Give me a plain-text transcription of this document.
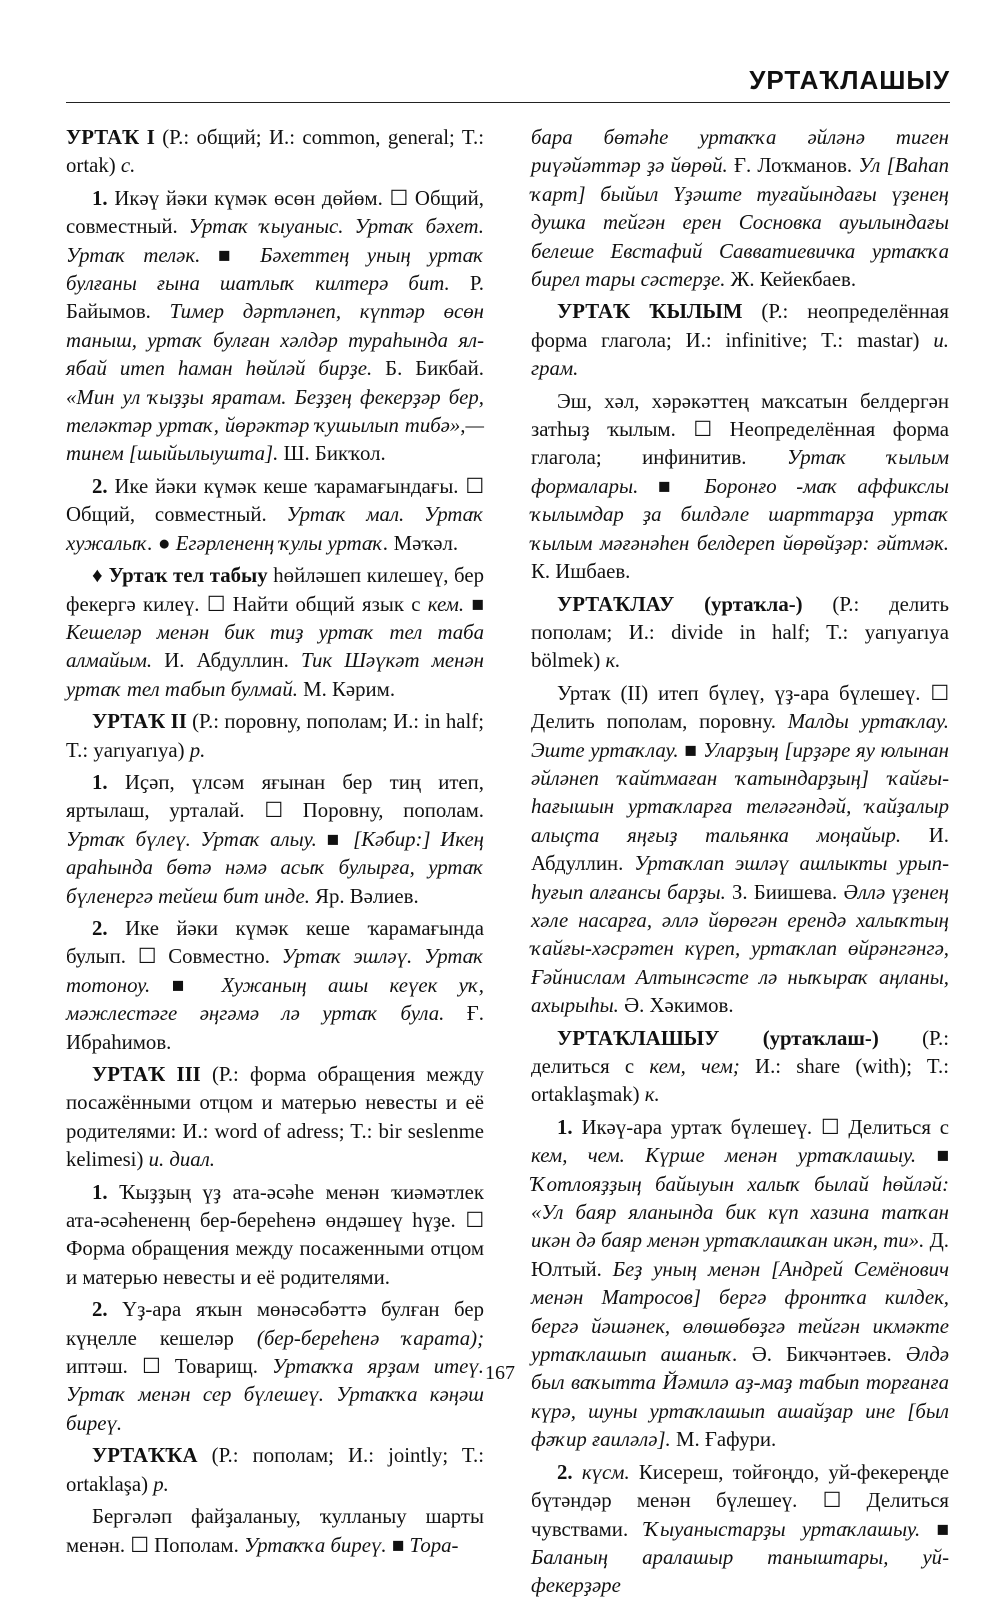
УРТАҠЛАШЫУ

УРТАҠ I (Р.: общий; И.: common, general; T.: ortak) c.

1. Икәү йәки күмәк өсөн дөйөм. ☐ Общий, совместный. Уртаҡ ҡыуаныс. Уртаҡ бәхет. Уртаҡ теләк. ■ Бәхеттең уның уртаҡ булғаны ғына шатлыҡ килтерә бит. Р. Байымов. Тимер дәртләнеп, күптәр өсөн таныш, уртаҡ булған хәлдәр тураһында ял-ябай итеп һаман һөйләй бирҙе. Б. Бикбай. «Мин ул ҡыҙҙы яратам. Беҙҙең фекерҙәр бер, теләктәр уртаҡ, йөрәктәр ҡушылып тибә»,— тинем [шыйылыушта]. Ш. Бикҡол.

2. Ике йәки күмәк кеше ҡарамағындағы. ☐ Общий, совместный. Уртаҡ мал. Уртаҡ хужалыҡ. ● Егәрлененң ҡулы уртаҡ. Мәҡәл.

♦ Уртаҡ тел табыу һөйләшеп килешеү, бер фекергә килеү. ☐ Найти общий язык с кем. ■ Кешеләр менән бик тиҙ уртаҡ тел таба алмайым. И. Абдуллин. Тик Шәүкәт менән уртаҡ тел табып булмай. М. Кәрим.

УРТАҠ II (Р.: поровну, пополам; И.: in half; T.: yarıyarıya) р.

1. Иҫәп, үлсәм яғынан бер тиң итеп, яртылаш, урталай. ☐ Поровну, пополам. Уртаҡ бүлеү. Уртаҡ алыу. ■ [Кәбир:] Икең араһында бөтә нәмә асыҡ булырға, уртаҡ бүленергә тейеш бит инде. Яр. Вәлиев.

2. Ике йәки күмәк кеше ҡарамағында булып. ☐ Совместно. Уртаҡ эшләү. Уртаҡ тотоноу. ■ Хужаның ашы кеүек уҡ, мәжлестәге әңгәмә лә уртаҡ була. Ғ. Ибраһимов.

УРТАҠ III (Р.: форма обращения между посажёнными отцом и матерью невесты и её родителями: И.: word of adress; T.: bir seslenme kelimesi) и. диал.

1. Ҡыҙҙың үҙ ата-әсәһе менән ҡиәмәтлек ата-әсәһененң бер-береһенә өндәшеү һүҙе. ☐ Форма обращения между посаженными отцом и матерью невесты и её родителями.

2. Үҙ-ара яҡын мөнәсәбәттә булған бер күңелле кешеләр (бер-береһенә ҡарата); иптәш. ☐ Товарищ. Уртаҡҡа ярҙам итеү. Уртаҡ менән сер бүлешеү. Уртаҡҡа кәңәш биреү.

УРТАҠҠА (Р.: пополам; И.: jointly; T.: ortaklaşa) р.

Бергәләп файҙаланыу, ҡулланыу шарты менән. ☐ Пополам. Уртаҡҡа биреү. ■ Тора-

бара бөтәһе уртаҡҡа әйләнә тиген риүәйәттәр ҙә йөрөй. Ғ. Лоҡманов. Ул [Ваһап ҡарт] быйыл Үҙәште туғайындағы үҙенең душка тейгән ерен Сосновка ауылындағы белеше Евстафий Савватиевичка уртаҡҡа бирел тары сәстерҙе. Ж. Кейекбаев.

УРТАҠ ҠЫЛЫМ (Р.: неопределённая форма глагола; И.: infinitive; T.: mastar) и. грам.

Эш, хәл, хәрәкәттең маҡсатын белдергән затһыҙ ҡылым. ☐ Неопределённая форма глагола; инфинитив. Уртаҡ ҡылым формалары. ■ Боронғо -маҡ аффикслы ҡылымдар ҙа билдәле шарттарҙа уртаҡ ҡылым мәғәнәһен белдереп йөрөйҙәр: әйтмәк. К. Ишбаев.

УРТАҠЛАУ (уртаҡла-) (Р.: делить пополам; И.: divide in half; T.: yarıyarıya bölmek) к.

Уртаҡ (II) итеп бүлеү, үҙ-ара бүлешеү. ☐ Делить пополам, поровну. Малды уртаҡлау. Эште уртаҡлау. ■ Уларҙың [ирҙәре яу юлынан әйләнеп ҡайтмаған ҡатындарҙың] ҡайғы-һағышын уртаҡларға теләгәндәй, ҡайҙалыр алыҫта яңғыҙ тальянка моңайыр. И. Абдуллин. Уртаҡлап эшләү ашлыкты урып-һуғып алғансы барҙы. З. Биишева. Әллә үҙенең хәле насарға, әллә йөрөгән ерендә халыҡтың ҡайғы-хәсрәтен күреп, уртаҡлап өйрәнгәнгә, Ғәйнислам Алтынсәсте лә ныҡыраҡ аңланы, ахырыһы. Ә. Хәкимов.

УРТАҠЛАШЫУ (уртаҡлаш-) (Р.: делиться с кем, чем; И.: share (with); T.: ortaklaşmak) к.

1. Икәү-ара уртаҡ бүлешеү. ☐ Делиться с кем, чем. Күрше менән уртаҡлашыу. ■ Ҡотлояҙҙың байыуын халыҡ былай һөйләй: «Ул баяр яланында бик күп хазина тапҡан икән дә баяр менән уртаҡлашҡан икән, ти». Д. Юлтый. Беҙ уның менән [Андрей Семёнович менән Матросов] бергә фронтҡа килдек, бергә йәшәнек, өлөшөбөҙгә тейгән икмәкте уртаҡлашып ашаныҡ. Ә. Бикчәнтәев. Әлдә был ваҡытта Йәмилә аҙ-маҙ табып торғанға күрә, шуны уртаҡлашып ашайҙар ине [был фәҡир ғаиләлә]. М. Ғафури.

2. күсм. Кисереш, тойғоңдо, уй-фекереңде бүтәндәр менән бүлешеү. ☐ Делиться чувствами. Ҡыуаныстарҙы уртаҡлашыу. ■ Баланың аралашыр таныштары, уй-фекерҙәре

167
